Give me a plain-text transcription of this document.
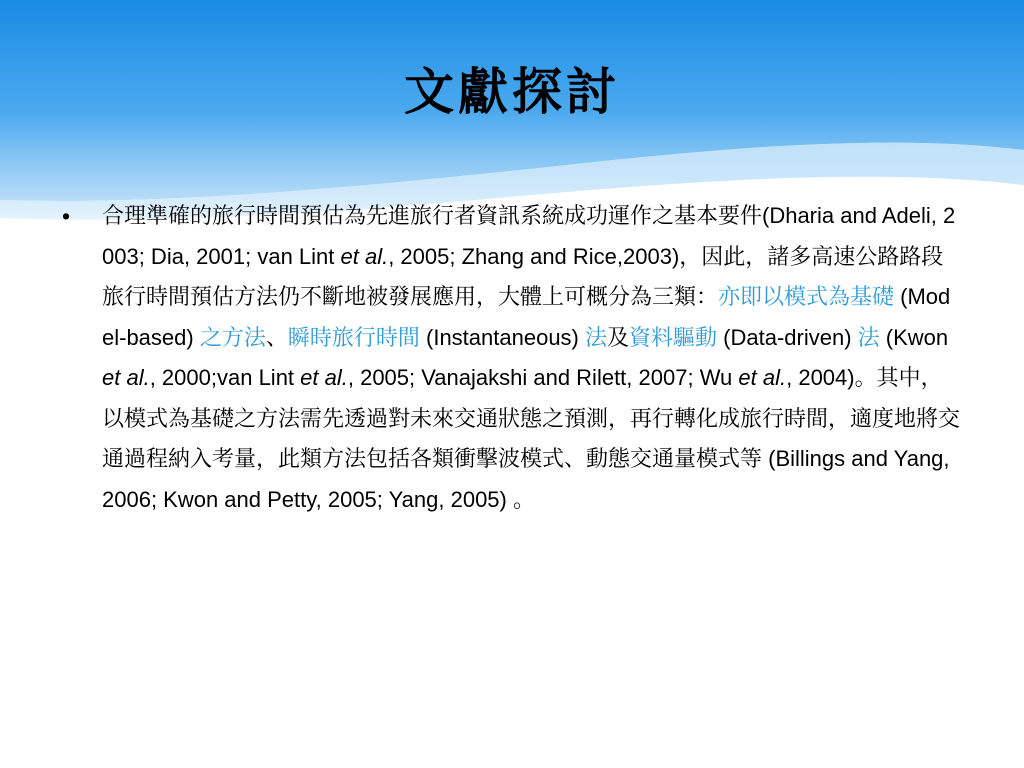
文獻探討
•	合理準確的旅行時間預估為先進旅行者資訊系統成功運作之基本要件(Dharia and Adeli, 2003; Dia, 2001; van Lint et al., 2005; Zhang and Rice,2003)，因此，諸多高速公路路段旅行時間預估方法仍不斷地被發展應用，大體上可概分為三類：亦即以模式為基礎 (Model-based) 之方法、瞬時旅行時間 (Instantaneous) 法及資料驅動 (Data-driven) 法 (Kwon et al., 2000;van Lint et al., 2005; Vanajakshi and Rilett, 2007; Wu et al., 2004)。其中，以模式為基礎之方法需先透過對未來交通狀態之預測，再行轉化成旅行時間，適度地將交通過程納入考量，此類方法包括各類衝擊波模式、動態交通量模式等 (Billings and Yang, 2006; Kwon and Petty, 2005; Yang, 2005) 。
